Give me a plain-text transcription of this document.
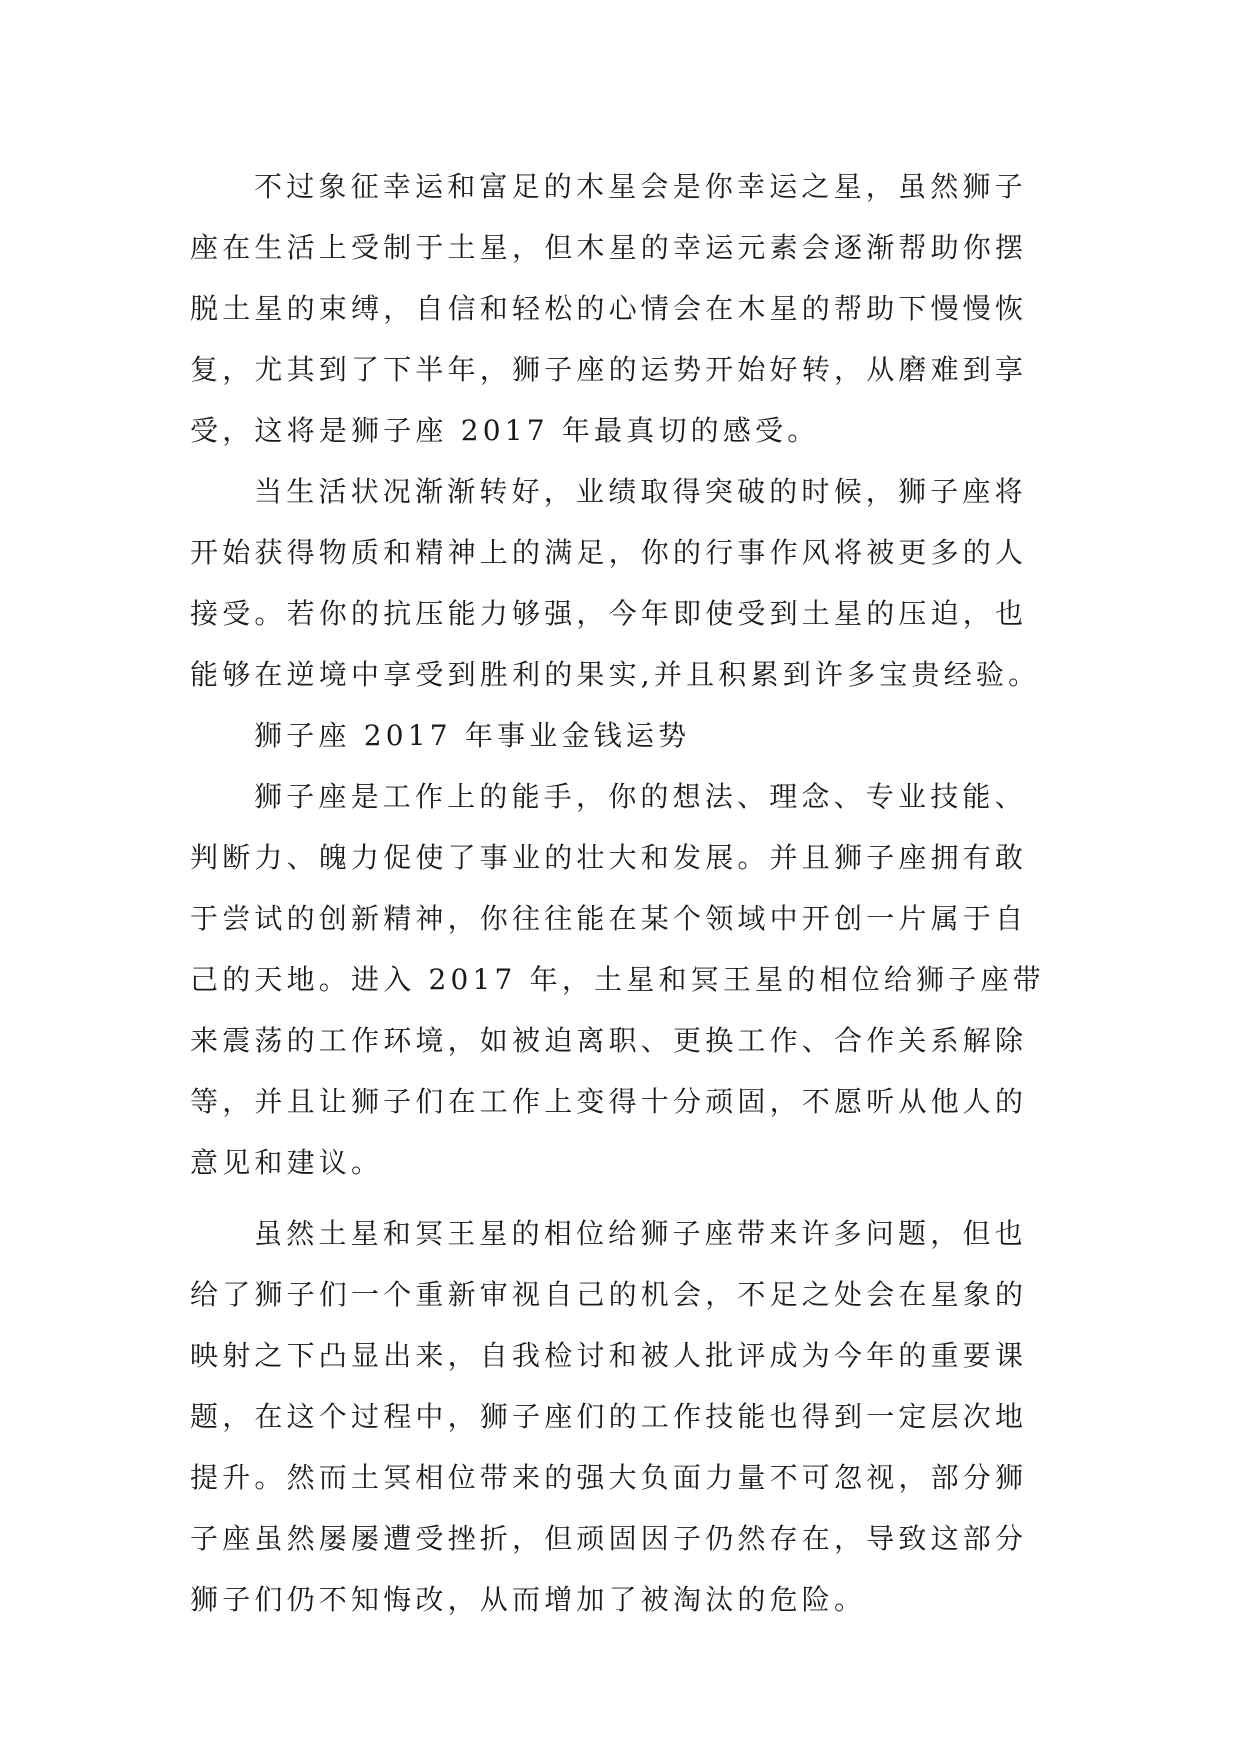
不过象征幸运和富足的木星会是你幸运之星，虽然狮子
座在生活上受制于土星，但木星的幸运元素会逐渐帮助你摆
脱土星的束缚，自信和轻松的心情会在木星的帮助下慢慢恢
复，尤其到了下半年，狮子座的运势开始好转，从磨难到享
受，这将是狮子座 2017 年最真切的感受。
当生活状况渐渐转好，业绩取得突破的时候，狮子座将
开始获得物质和精神上的满足，你的行事作风将被更多的人
接受。若你的抗压能力够强，今年即使受到土星的压迫，也
能够在逆境中享受到胜利的果实,并且积累到许多宝贵经验。
狮子座 2017 年事业金钱运势
狮子座是工作上的能手，你的想法、理念、专业技能、
判断力、魄力促使了事业的壮大和发展。并且狮子座拥有敢
于尝试的创新精神，你往往能在某个领域中开创一片属于自
己的天地。进入 2017 年，土星和冥王星的相位给狮子座带
来震荡的工作环境，如被迫离职、更换工作、合作关系解除
等，并且让狮子们在工作上变得十分顽固，不愿听从他人的
意见和建议。
虽然土星和冥王星的相位给狮子座带来许多问题，但也
给了狮子们一个重新审视自己的机会，不足之处会在星象的
映射之下凸显出来，自我检讨和被人批评成为今年的重要课
题，在这个过程中，狮子座们的工作技能也得到一定层次地
提升。然而土冥相位带来的强大负面力量不可忽视，部分狮
子座虽然屡屡遭受挫折，但顽固因子仍然存在，导致这部分
狮子们仍不知悔改，从而增加了被淘汰的危险。
